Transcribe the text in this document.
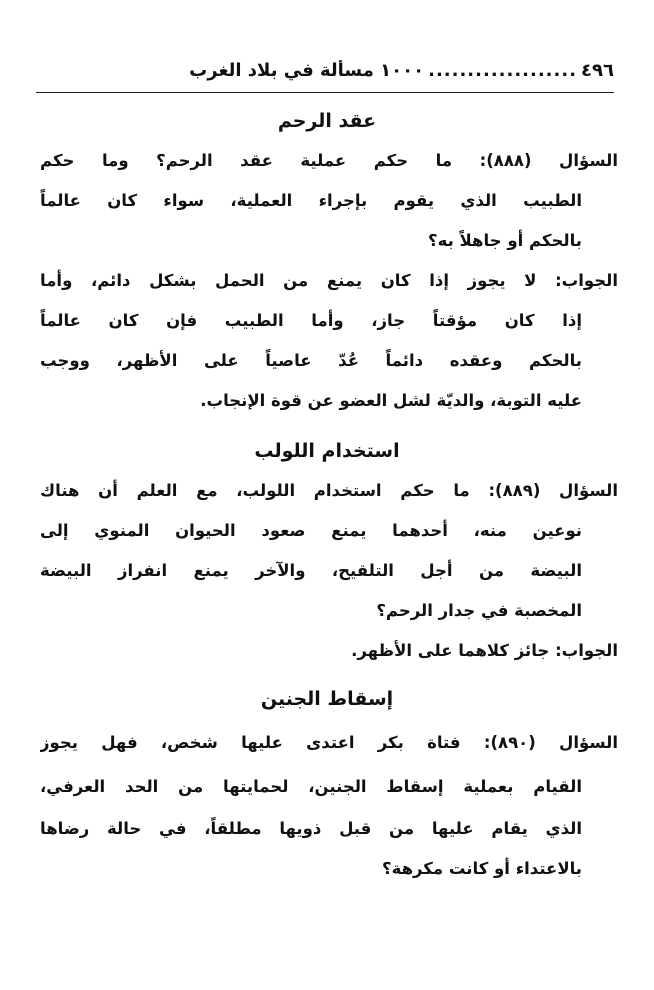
٤٩٦
...................
١٠٠٠ مسألة في بلاد الغرب
عقد الرحم
السؤال (٨٨٨): ما حكم عملية عقد الرحم؟ وما حكم
الطبيب الذي يقوم بإجراء العملية، سواء كان عالماً
بالحكم أو جاهلاً به؟
الجواب: لا يجوز إذا كان يمنع من الحمل بشكل دائم، وأما
إذا كان مؤقتاً جاز، وأما الطبيب فإن كان عالماً
بالحكم وعقده دائماً عُدّ عاصياً على الأظهر، ووجب
عليه التوبة، والديّة لشل العضو عن قوة الإنجاب.
استخدام اللولب
السؤال (٨٨٩): ما حكم استخدام اللولب، مع العلم أن هناك
نوعين منه، أحدهما يمنع صعود الحيوان المنوي إلى
البيضة من أجل التلقيح، والآخر يمنع انفراز البيضة
المخصبة في جدار الرحم؟
الجواب: جائز كلاهما على الأظهر.
إسقاط الجنين
السؤال (٨٩٠): فتاة بكر اعتدى عليها شخص، فهل يجوز
القيام بعملية إسقاط الجنين، لحمايتها من الحد العرفي،
الذي يقام عليها من قبل ذويها مطلقاً، في حالة رضاها
بالاعتداء أو كانت مكرهة؟
